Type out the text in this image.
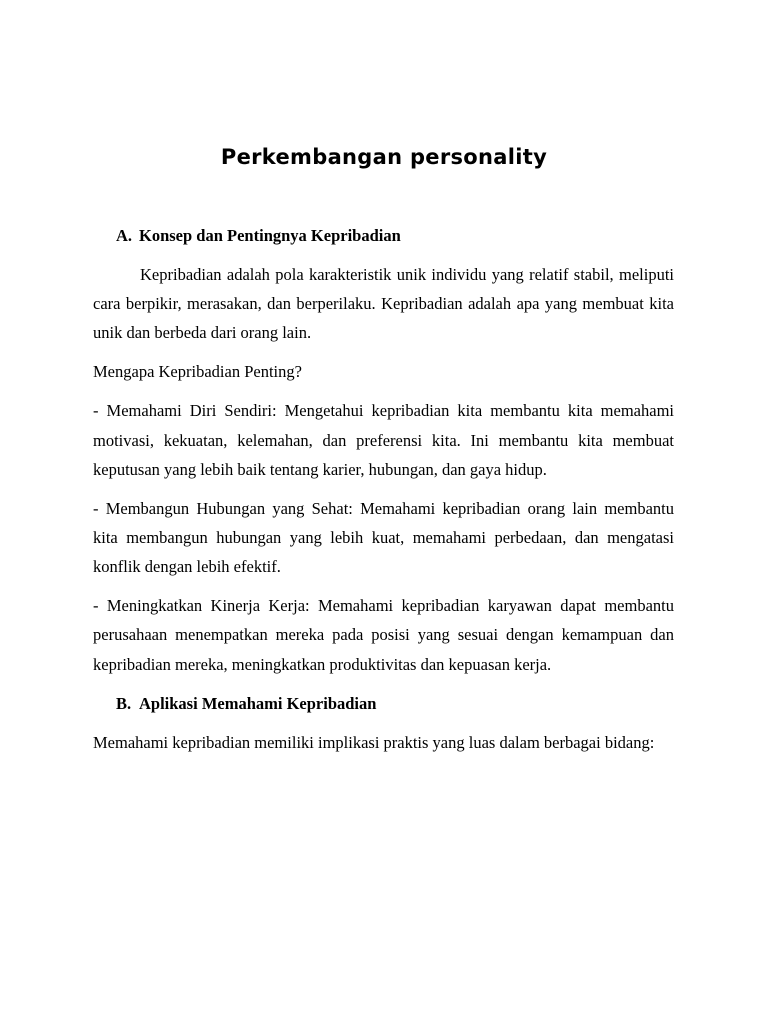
Perkembangan personality
A. Konsep dan Pentingnya Kepribadian

Kepribadian adalah pola karakteristik unik individu yang relatif stabil, meliputi cara berpikir, merasakan, dan berperilaku. Kepribadian adalah apa yang membuat kita unik dan berbeda dari orang lain.

Mengapa Kepribadian Penting?

- Memahami Diri Sendiri: Mengetahui kepribadian kita membantu kita memahami motivasi, kekuatan, kelemahan, dan preferensi kita. Ini membantu kita membuat keputusan yang lebih baik tentang karier, hubungan, dan gaya hidup.

- Membangun Hubungan yang Sehat: Memahami kepribadian orang lain membantu kita membangun hubungan yang lebih kuat, memahami perbedaan, dan mengatasi konflik dengan lebih efektif.

- Meningkatkan Kinerja Kerja: Memahami kepribadian karyawan dapat membantu perusahaan menempatkan mereka pada posisi yang sesuai dengan kemampuan dan kepribadian mereka, meningkatkan produktivitas dan kepuasan kerja.

B. Aplikasi Memahami Kepribadian

Memahami kepribadian memiliki implikasi praktis yang luas dalam berbagai bidang:
